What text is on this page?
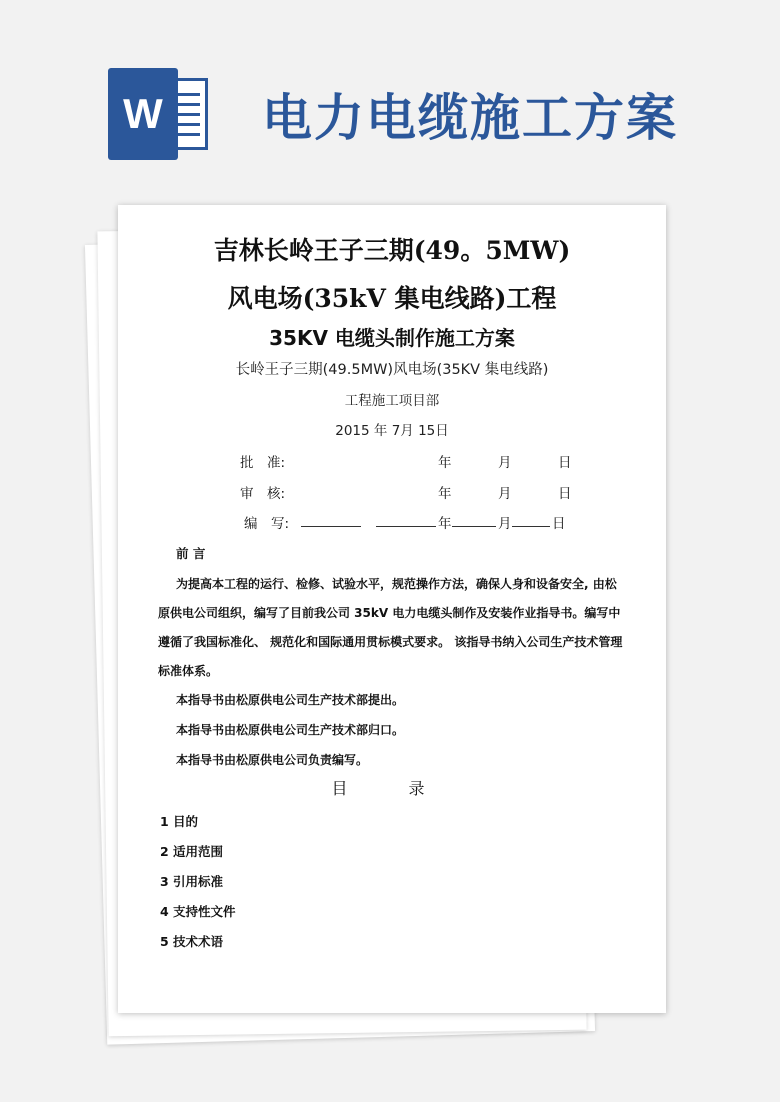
W	电力电缆施工方案
吉林长岭王子三期(49。5MW)
风电场(35kV 集电线路)工程
35KV 电缆头制作施工方案
长岭王子三期(49.5MW)风电场(35KV 集电线路)
工程施工项目部
2015 年 7月 15日
批　准:	年	月	日
审　核:	年	月	日
编　写:	年	月	日
前 言
为提高本工程的运行、检修、试验水平，规范操作方法，确保人身和设备安全, 由松
原供电公司组织，编写了目前我公司 35kV 电力电缆头制作及安装作业指导书。编写中
遵循了我国标准化、 规范化和国际通用贯标模式要求。 该指导书纳入公司生产技术管理
标准体系。
本指导书由松原供电公司生产技术部提出。
本指导书由松原供电公司生产技术部归口。
本指导书由松原供电公司负责编写。
目 录
1 目的
2 适用范围
3 引用标准
4 支持性文件
5 技术术语
